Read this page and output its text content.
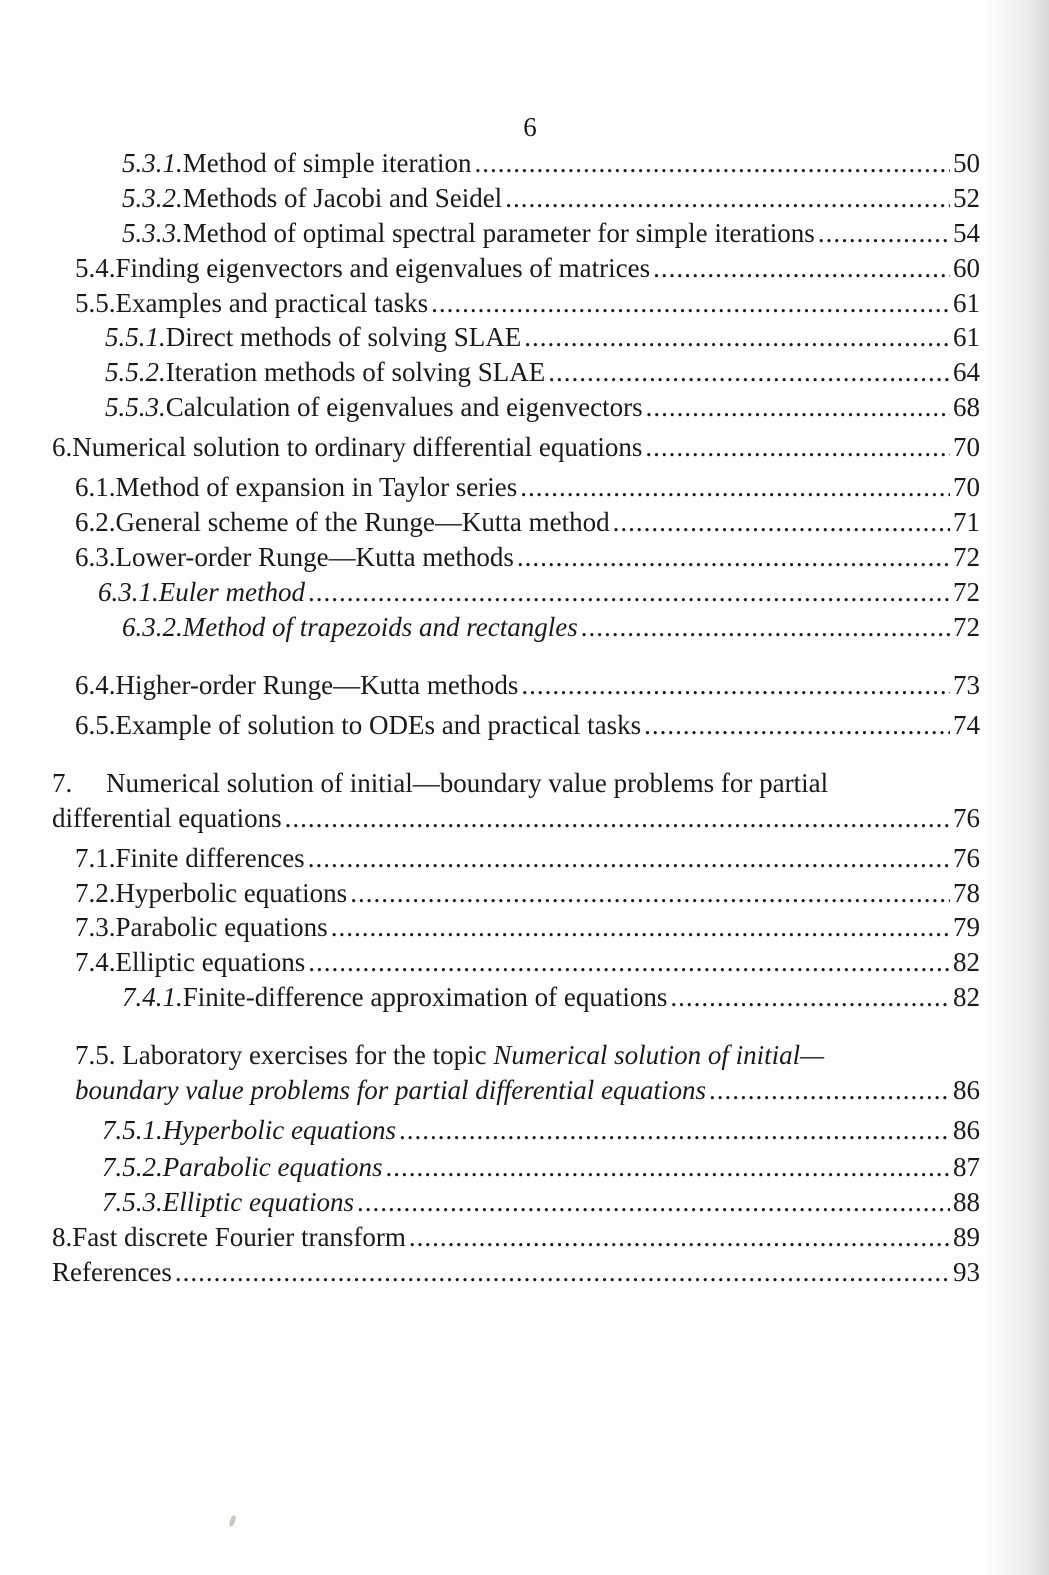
6
5.3.1. Method of simple iteration .....	50
5.3.2. Methods of Jacobi and Seidel .....	52
5.3.3. Method of optimal spectral parameter for simple iterations .....	54
5.4. Finding eigenvectors and eigenvalues of matrices .....	60
5.5. Examples and practical tasks .....	61
5.5.1. Direct methods of solving SLAE .....	61
5.5.2. Iteration methods of solving SLAE .....	64
5.5.3. Calculation of eigenvalues and eigenvectors .....	68
6. Numerical solution to ordinary differential equations .....	70
6.1. Method of expansion in Taylor series .....	70
6.2. General scheme of the Runge—Kutta method .....	71
6.3. Lower-order Runge—Kutta methods .....	72
6.3.1. Euler method .....	72
6.3.2. Method of trapezoids and rectangles .....	72
6.4. Higher-order Runge—Kutta methods .....	73
6.5. Example of solution to ODEs and practical tasks .....	74
7.     Numerical solution of initial—boundary value problems for partial
differential equations .....	76
7.1. Finite differences .....	76
7.2. Hyperbolic equations .....	78
7.3. Parabolic equations .....	79
7.4. Elliptic equations .....	82
7.4.1. Finite-difference approximation of equations .....	82
7.5. Laboratory exercises for the topic Numerical solution of initial—
boundary value problems for partial differential equations .....	86
7.5.1. Hyperbolic equations .....	86
7.5.2. Parabolic equations .....	87
7.5.3. Elliptic equations .....	88
8. Fast discrete Fourier transform .....	89
References .....	93
